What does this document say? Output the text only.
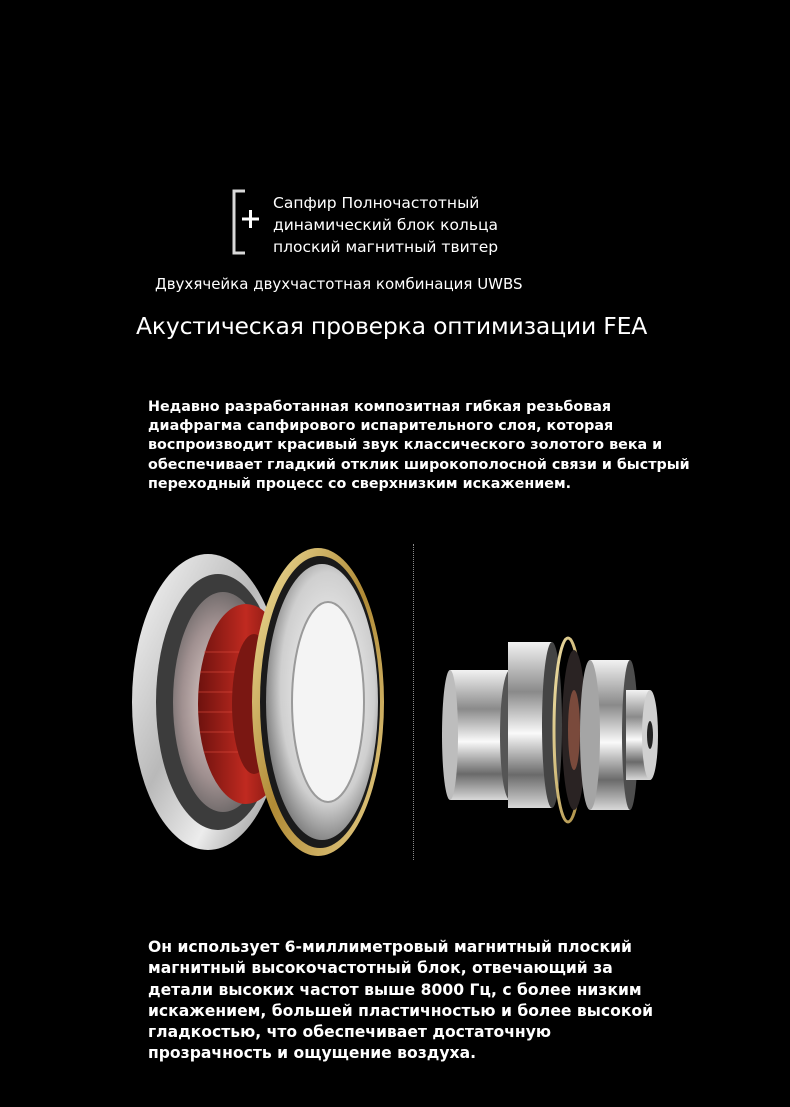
Сапфир Полночастотный
динамический блок кольца
плоский магнитный твитер
Двухячейка двухчастотная комбинация UWBS
Акустическая проверка оптимизации FEA
Недавно разработанная композитная гибкая резьбовая
диафрагма сапфирового испарительного слоя, которая
воспроизводит красивый звук классического золотого века и
обеспечивает гладкий отклик широкополосной связи и быстрый
переходный процесс со сверхнизким искажением.
Он использует 6-миллиметровый магнитный плоский
магнитный высокочастотный блок, отвечающий за
детали высоких частот выше 8000 Гц, с более низким
искажением, большей пластичностью и более высокой
гладкостью, что обеспечивает достаточную
прозрачность и ощущение воздуха.
